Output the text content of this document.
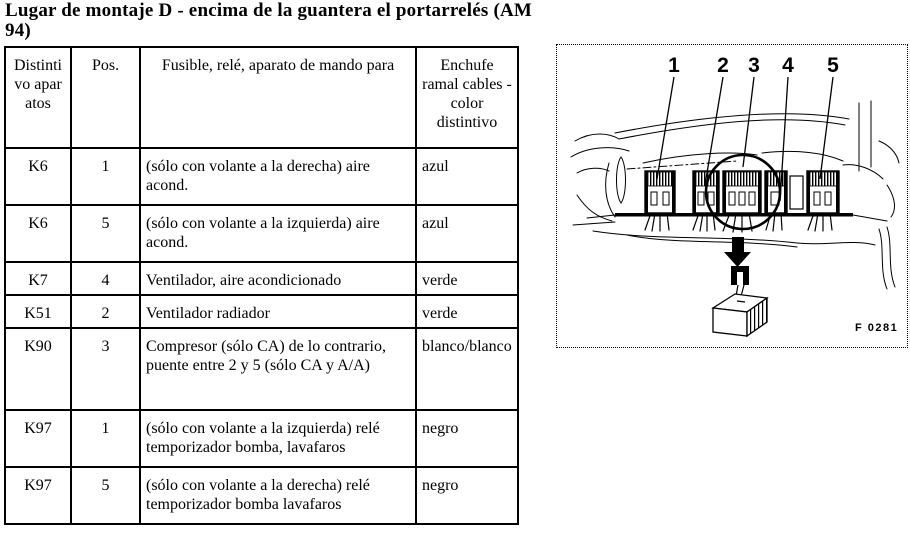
Lugar de montaje D - encima de la guantera el portarrelés (AM 94)
Distintivo aparatos	Pos.	Fusible, relé, aparato de mando para	Enchufe ramal cables - color distintivo
K6	1	(sólo con volante a la derecha) aire acond.	azul
K6	5	(sólo con volante a la izquierda) aire acond.	azul
K7	4	Ventilador, aire acondicionado	verde
K51	2	Ventilador radiador	verde
K90	3	Compresor (sólo CA) de lo contrario, puente entre 2 y 5 (sólo CA y A/A)	blanco/blanco
K97	1	(sólo con volante a la izquierda) relé temporizador bomba, lavafaros	negro
K97	5	(sólo con volante a la derecha) relé temporizador bomba lavafaros	negro
1 2 3 4 5
F 0281
